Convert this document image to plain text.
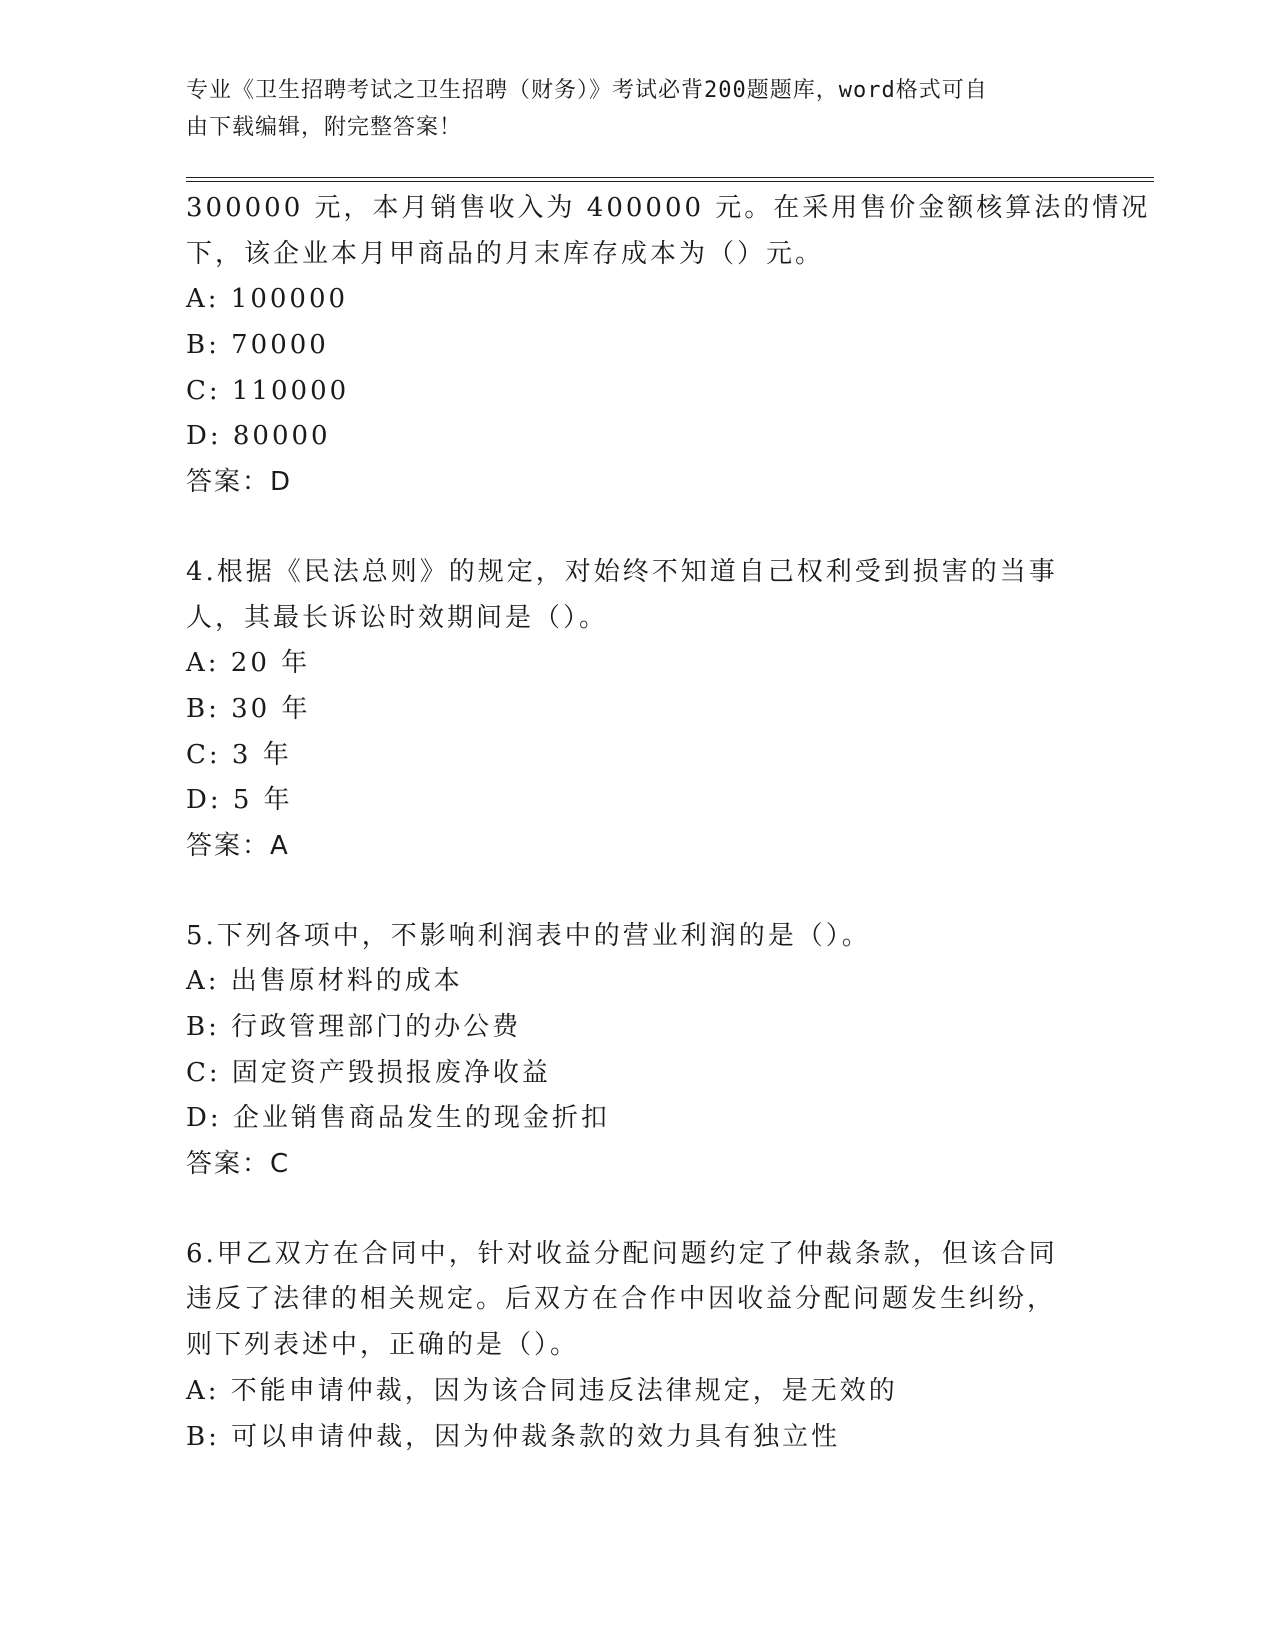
专业《卫生招聘考试之卫生招聘（财务）》考试必背200题题库，word格式可自
由下载编辑，附完整答案！
300000 元，本月销售收入为 400000 元。在采用售价金额核算法的情况
下，该企业本月甲商品的月末库存成本为（）元。
A: 100000
B: 70000
C: 110000
D: 80000
答案：D
4.根据《民法总则》的规定，对始终不知道自己权利受到损害的当事
人，其最长诉讼时效期间是（）。
A: 20 年
B: 30 年
C: 3 年
D: 5 年
答案：A
5.下列各项中，不影响利润表中的营业利润的是（）。
A: 出售原材料的成本
B: 行政管理部门的办公费
C: 固定资产毁损报废净收益
D: 企业销售商品发生的现金折扣
答案：C
6.甲乙双方在合同中，针对收益分配问题约定了仲裁条款，但该合同
违反了法律的相关规定。后双方在合作中因收益分配问题发生纠纷，
则下列表述中，正确的是（）。
A: 不能申请仲裁，因为该合同违反法律规定，是无效的
B: 可以申请仲裁，因为仲裁条款的效力具有独立性
